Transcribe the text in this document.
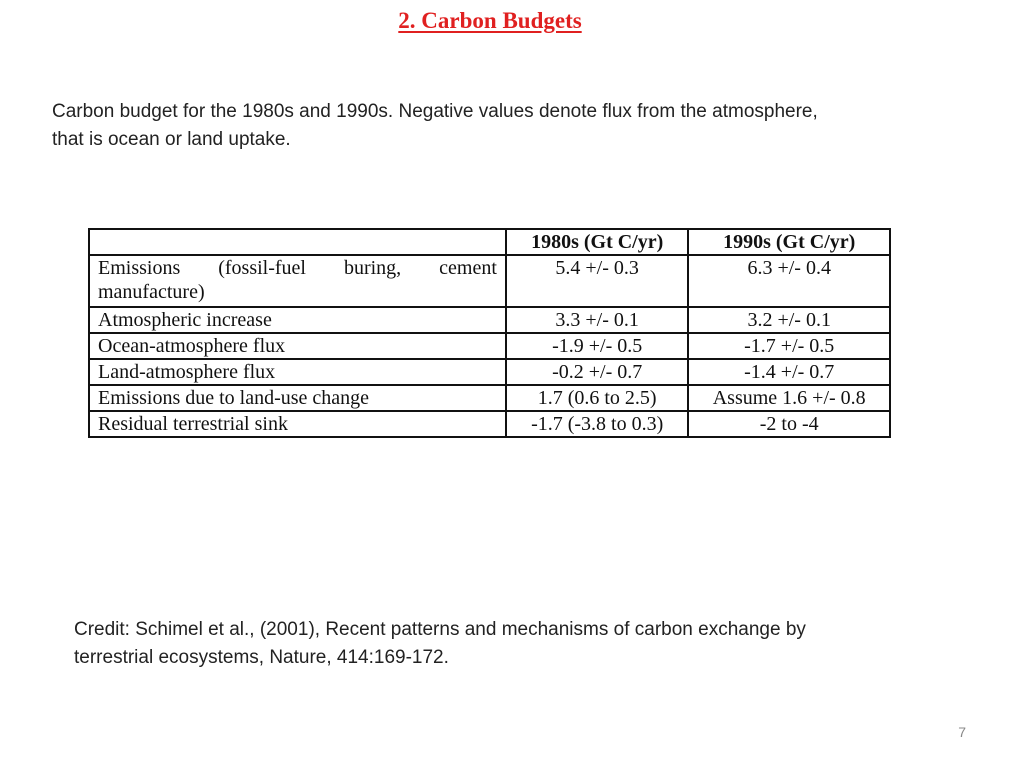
2. Carbon Budgets
Carbon budget for the 1980s and 1990s. Negative values denote flux from the atmosphere,
that is ocean or land uptake.
	1980s (Gt C/yr)	1990s (Gt C/yr)
Emissions (fossil-fuel buring, cement manufacture)	5.4 +/- 0.3	6.3 +/- 0.4
Atmospheric increase	3.3 +/- 0.1	3.2 +/- 0.1
Ocean-atmosphere flux	-1.9 +/- 0.5	-1.7 +/- 0.5
Land-atmosphere flux	-0.2 +/- 0.7	-1.4 +/- 0.7
Emissions due to land-use change	1.7 (0.6 to 2.5)	Assume 1.6 +/- 0.8
Residual terrestrial sink	-1.7 (-3.8 to 0.3)	-2 to -4
Credit: Schimel et al., (2001), Recent patterns and mechanisms of carbon exchange by
terrestrial ecosystems, Nature, 414:169-172.
7
